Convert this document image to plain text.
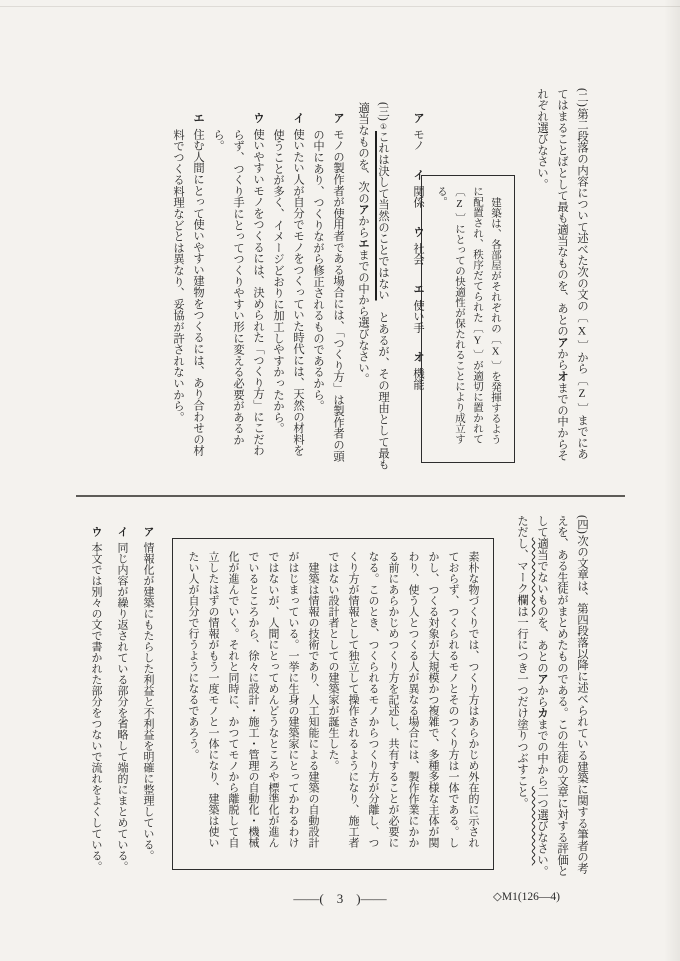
(二)第二段落の内容について述べた次の文の〔 X 〕から〔 Z 〕までにあてはまることばとして最も適当なものを、あとのアからオまでの中からそれぞれ選びなさい。

建築は、各部屋がそれぞれの〔 X 〕を発揮するように配置され、秩序だてられた〔 Y 〕が適切に置かれて〔 Z 〕にとっての快適性が保たれることにより成立する。

アモノイ関係ウ社会エ使い手オ機能
(三)①これは決して当然のことではない　とあるが、その理由として最も適当なものを、次のアからエまでの中から選びなさい。

アモノの製作者が使用者である場合には、「つくり方」は製作者の頭の中にあり、つくりながら修正されるものであるから。

イ使いたい人が自分でモノをつくっていた時代には、天然の材料を使うことが多く、イメージどおりに加工しやすかったから。

ウ使いやすいモノをつくるには、決められた「つくり方」にこだわらず、つくり手にとってつくりやすい形に変える必要があるから。

エ住む人間にとって使いやすい建物をつくるには、あり合わせの材料でつくる料理などとは異なり、妥協が許されないから。

(四)次の文章は、第四段落以降に述べられている建築に関する筆者の考えを、ある生徒がまとめたものである。この生徒の文章に対する評価として適当でないものを、あとのアからカまでの中から二つ選びなさい。ただし、マーク欄は一行につき一つだけ塗りつぶすこと。

素朴な物づくりでは、つくり方はあらかじめ外在的に示されておらず、つくられるモノとそのつくり方は一体である。しかし、つくる対象が大規模かつ複雑で、多種多様な主体が関わり、使う人とつくる人が異なる場合には、製作作業にかかる前にあらかじめつくり方を記述し、共有することが必要になる。このとき、つくられるモノからつくり方が分離し、つくり方が情報として独立して操作されるようになり、施工者ではない設計者としての建築家が誕生した。

建築は情報の技術であり、人工知能による建築の自動設計がはじまっている。一挙に生身の建築家にとってかわるわけではないが、人間にとってめんどうなところや標準化が進んでいるところから、徐々に設計・施工・管理の自動化・機械化が進んでいく。それと同時に、かつてモノから離脱して自立したはずの情報がもう一度モノと一体になり、建築は使いたい人が自分で行うようになるであろう。

ア情報化が建築にもたらした利益と不利益を明確に整理している。

イ同じ内容が繰り返されている部分を省略して端的にまとめている。

ウ本文では別々の文で書かれた部分をつないで流れをよくしている。

——(　3　)——	◇M1(126—4)
